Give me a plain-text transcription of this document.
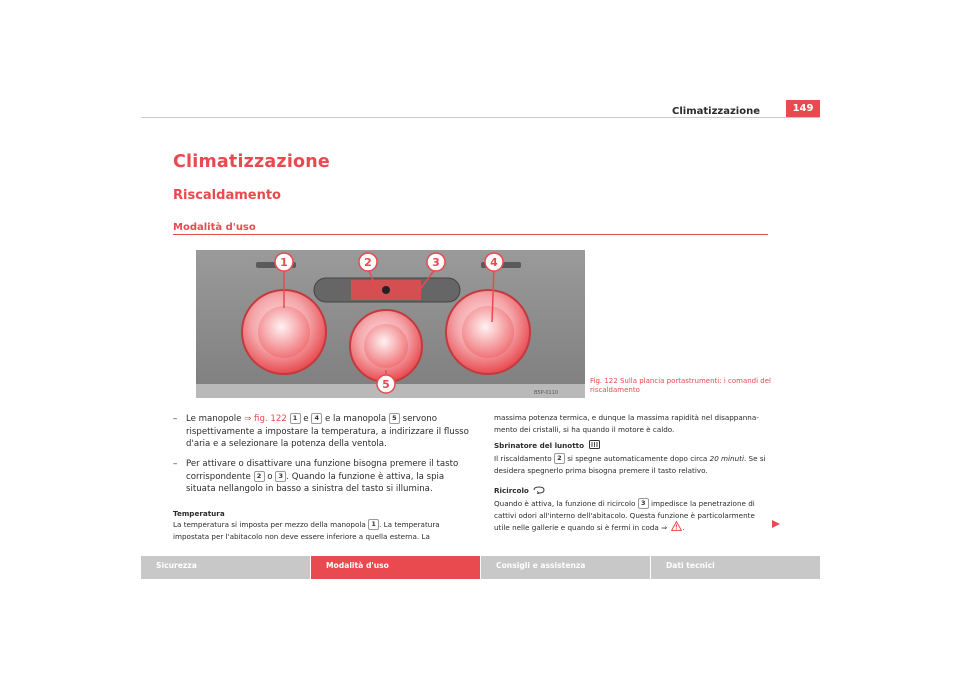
Climatizzazione	149
Climatizzazione
Riscaldamento
Modalità d'uso
1	2	3	4
5
B5P-0110
Fig. 122 Sulla plancia portastrumenti: i comandi del riscaldamento
– Le manopole ⇒ fig. 122 1 e 4 e la manopola 5 servono rispettivamente a impostare la temperatura, a indirizzare il flusso d'aria e a selezionare la potenza della ventola.
– Per attivare o disattivare una funzione bisogna premere il tasto corrispondente 2 o 3 . Quando la funzione è attiva, la spia situata nellangolo in basso a sinistra del tasto si illumina.
Temperatura
La temperatura si imposta per mezzo della manopola 1 . La temperatura impostata per l'abitacolo non deve essere inferiore a quella esterna. La
massima potenza termica, e dunque la massima rapidità nel disappanna-mento dei cristalli, si ha quando il motore è caldo.
Sbrinatore del lunotto
Il riscaldamento 2 si spegne automaticamente dopo circa 20 minuti. Se si desidera spegnerlo prima bisogna premere il tasto relativo.
Ricircolo
Quando è attiva, la funzione di ricircolo 3 impedisce la penetrazione di cattivi odori all'interno dell'abitacolo. Questa funzione è particolarmente utile nelle gallerie e quando si è fermi in coda ⇒ .
Sicurezza	Modalità d'uso	Consigli e assistenza	Dati tecnici
